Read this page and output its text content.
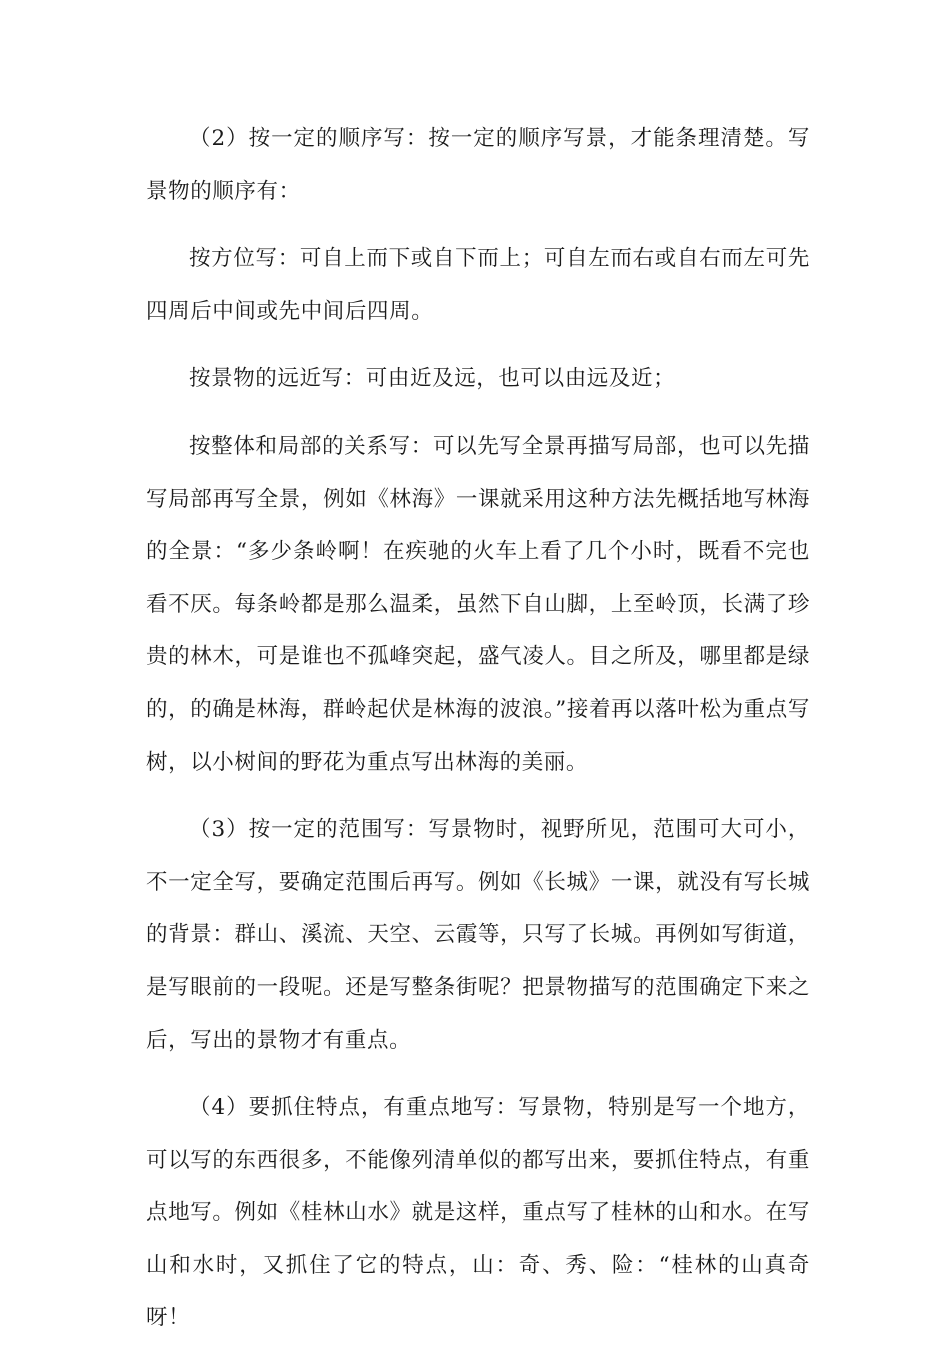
（2）按一定的顺序写：按一定的顺序写景，才能条理清楚。写景物的顺序有：

按方位写：可自上而下或自下而上；可自左而右或自右而左可先四周后中间或先中间后四周。

按景物的远近写：可由近及远，也可以由远及近；

按整体和局部的关系写：可以先写全景再描写局部，也可以先描写局部再写全景，例如《林海》一课就采用这种方法先概括地写林海的全景：“多少条岭啊！在疾驰的火车上看了几个小时，既看不完也看不厌。每条岭都是那么温柔，虽然下自山脚，上至岭顶，长满了珍贵的林木，可是谁也不孤峰突起，盛气凌人。目之所及，哪里都是绿的，的确是林海，群岭起伏是林海的波浪。”接着再以落叶松为重点写树，以小树间的野花为重点写出林海的美丽。

（3）按一定的范围写：写景物时，视野所见，范围可大可小，不一定全写，要确定范围后再写。例如《长城》一课，就没有写长城的背景：群山、溪流、天空、云霞等，只写了长城。再例如写街道，是写眼前的一段呢。还是写整条街呢？把景物描写的范围确定下来之后，写出的景物才有重点。

（4）要抓住特点，有重点地写：写景物，特别是写一个地方，可以写的东西很多，不能像列清单似的都写出来，要抓住特点，有重点地写。例如《桂林山水》就是这样，重点写了桂林的山和水。在写山和水时，又抓住了它的特点，山：奇、秀、险：“桂林的山真奇呀！
